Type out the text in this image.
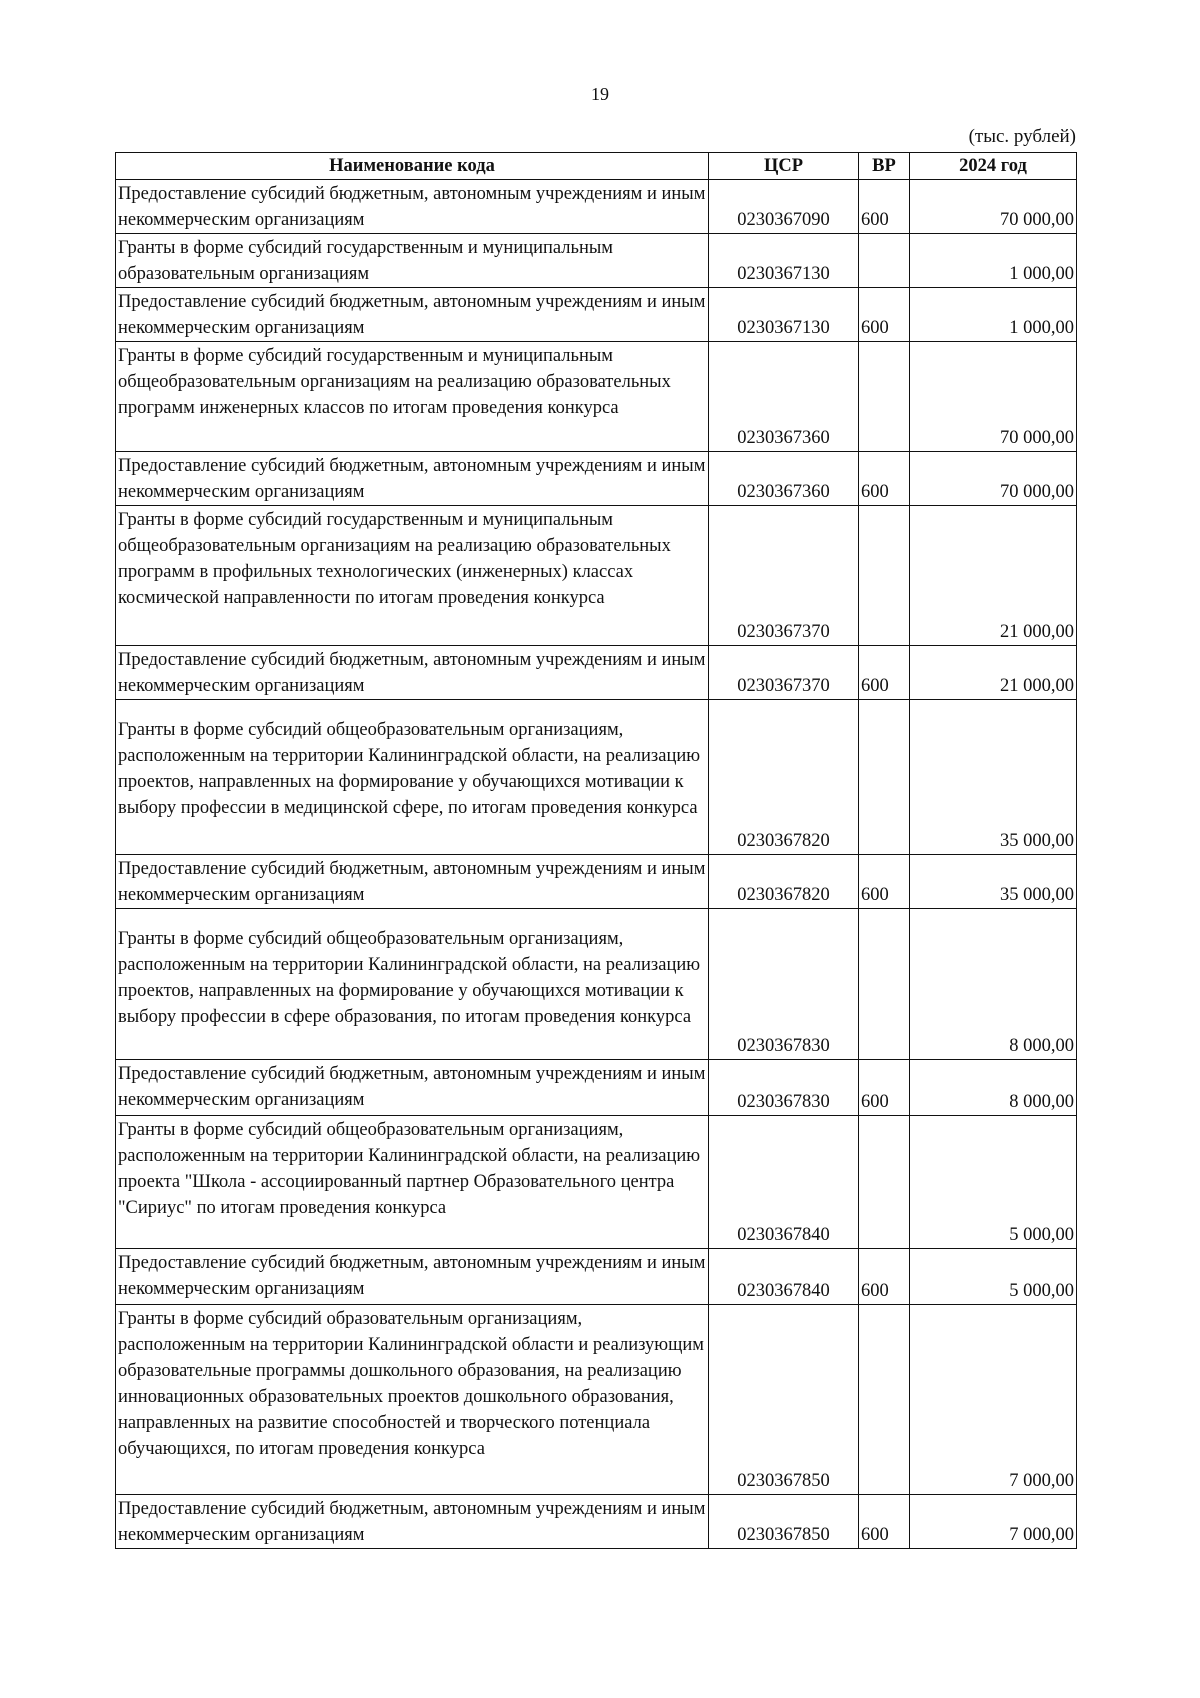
19
(тыс. рублей)
Наименование кода	ЦСР	ВР	2024 год
Предоставление субсидий бюджетным, автономным учреждениям и иным некоммерческим организациям	0230367090	600	70 000,00
Гранты в форме субсидий государственным и муниципальным образовательным организациям	0230367130		1 000,00
Предоставление субсидий бюджетным, автономным учреждениям и иным некоммерческим организациям	0230367130	600	1 000,00
Гранты в форме субсидий государственным и муниципальным общеобразовательным организациям на реализацию образовательных программ инженерных классов по итогам проведения конкурса	0230367360		70 000,00
Предоставление субсидий бюджетным, автономным учреждениям и иным некоммерческим организациям	0230367360	600	70 000,00
Гранты в форме субсидий государственным и муниципальным общеобразовательным организациям на реализацию образовательных программ в профильных технологических (инженерных) классах космической направленности по итогам проведения конкурса	0230367370		21 000,00
Предоставление субсидий бюджетным, автономным учреждениям и иным некоммерческим организациям	0230367370	600	21 000,00
Гранты в форме субсидий общеобразовательным организациям, расположенным на территории Калининградской области, на реализацию проектов, направленных на формирование у обучающихся мотивации к выбору профессии в медицинской сфере, по итогам проведения конкурса	0230367820		35 000,00
Предоставление субсидий бюджетным, автономным учреждениям и иным некоммерческим организациям	0230367820	600	35 000,00
Гранты в форме субсидий общеобразовательным организациям, расположенным на территории Калининградской области, на реализацию проектов, направленных на формирование у обучающихся мотивации к выбору профессии в сфере образования, по итогам проведения конкурса	0230367830		8 000,00
Предоставление субсидий бюджетным, автономным учреждениям и иным некоммерческим организациям	0230367830	600	8 000,00
Гранты в форме субсидий общеобразовательным организациям, расположенным на территории Калининградской области, на реализацию проекта "Школа - ассоциированный партнер Образовательного центра "Сириус" по итогам проведения конкурса	0230367840		5 000,00
Предоставление субсидий бюджетным, автономным учреждениям и иным некоммерческим организациям	0230367840	600	5 000,00
Гранты в форме субсидий образовательным организациям, расположенным на территории Калининградской области и реализующим образовательные программы дошкольного образования, на реализацию инновационных образовательных проектов дошкольного образования, направленных на развитие способностей и творческого потенциала обучающихся, по итогам проведения конкурса	0230367850		7 000,00
Предоставление субсидий бюджетным, автономным учреждениям и иным некоммерческим организациям	0230367850	600	7 000,00
